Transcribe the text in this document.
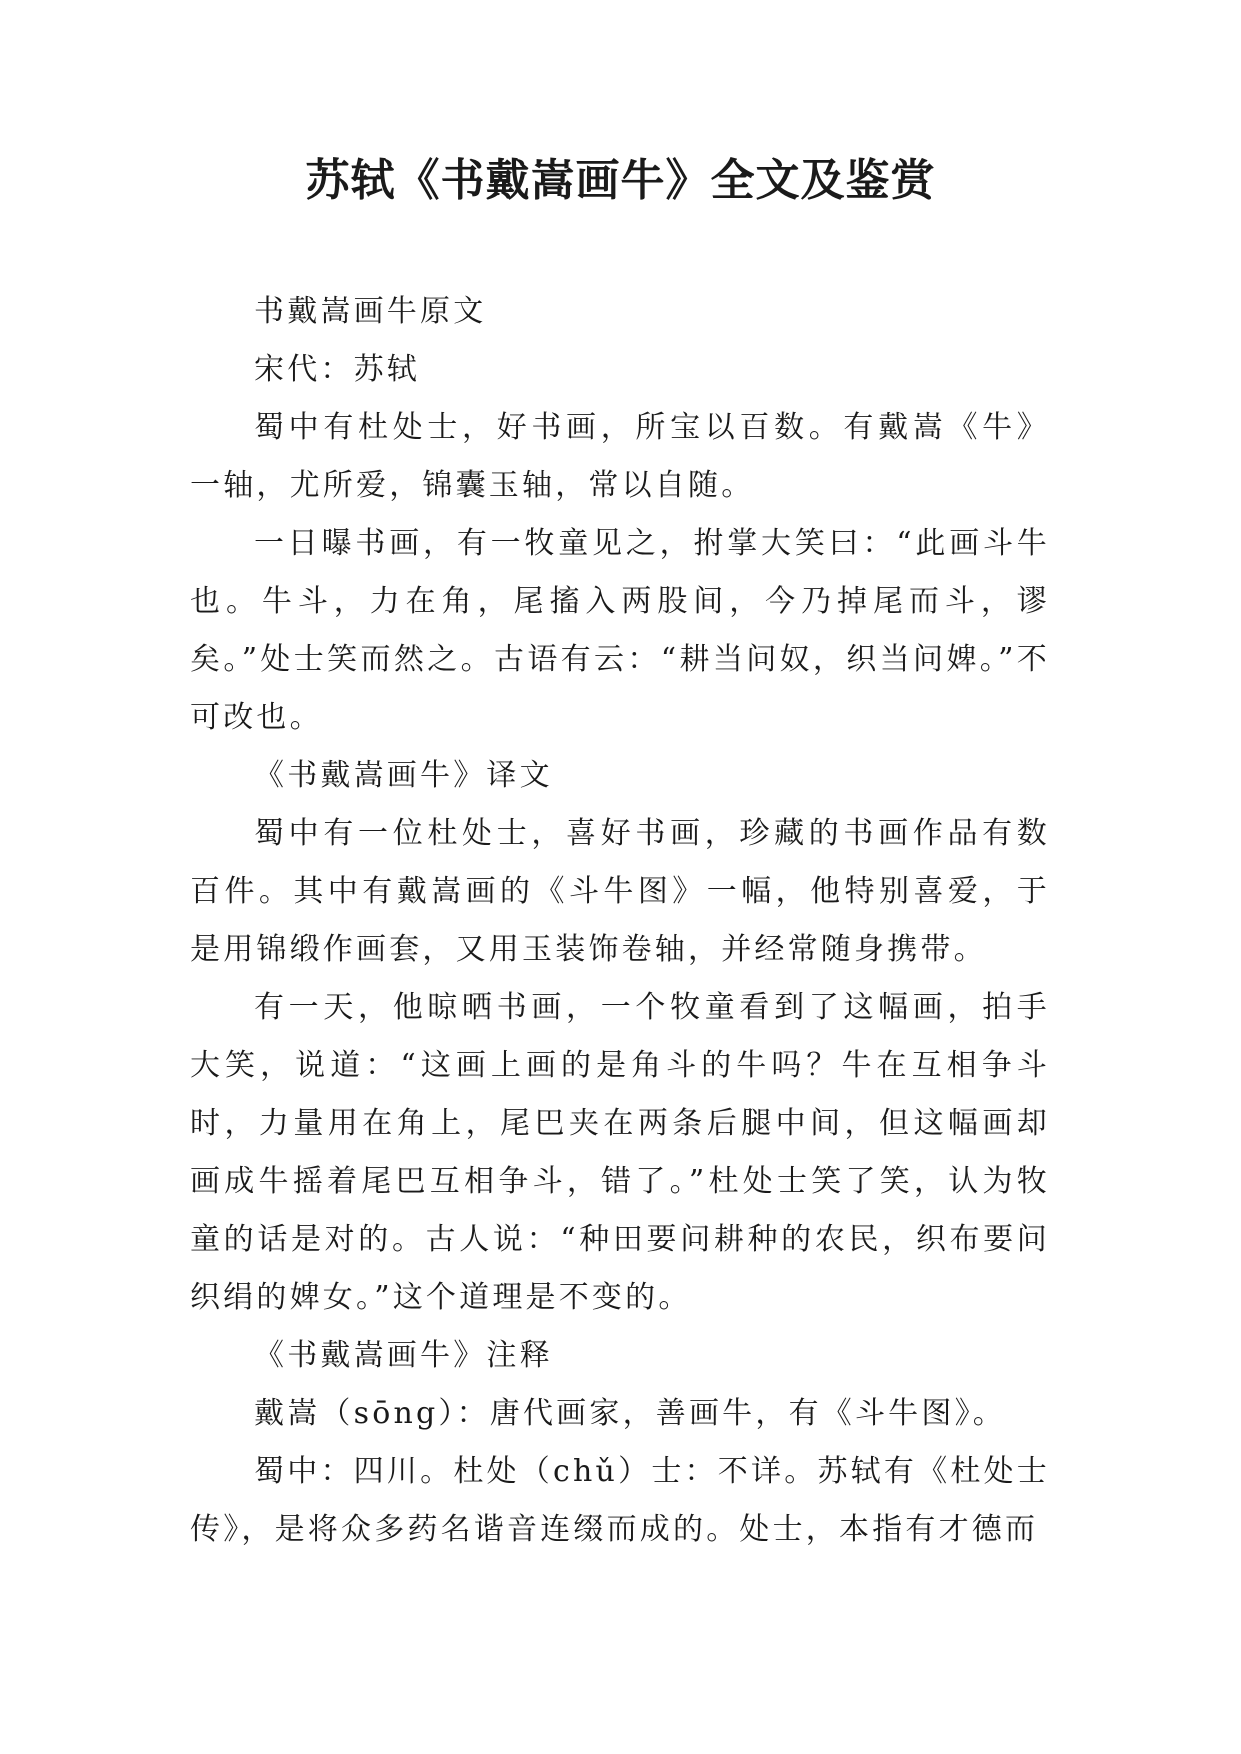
苏轼《书戴嵩画牛》全文及鉴赏

书戴嵩画牛原文

宋代：苏轼

蜀中有杜处士，好书画，所宝以百数。有戴嵩《牛》一轴，尤所爱，锦囊玉轴，常以自随。

一日曝书画，有一牧童见之，拊掌大笑曰：“此画斗牛也。牛斗，力在角，尾搐入两股间，今乃掉尾而斗，谬矣。”处士笑而然之。古语有云：“耕当问奴，织当问婢。”不可改也。

《书戴嵩画牛》译文

蜀中有一位杜处士，喜好书画，珍藏的书画作品有数百件。其中有戴嵩画的《斗牛图》一幅，他特别喜爱，于是用锦缎作画套，又用玉装饰卷轴，并经常随身携带。

有一天，他晾晒书画，一个牧童看到了这幅画，拍手大笑，说道：“这画上画的是角斗的牛吗？牛在互相争斗时，力量用在角上，尾巴夹在两条后腿中间，但这幅画却画成牛摇着尾巴互相争斗，错了。”杜处士笑了笑，认为牧童的话是对的。古人说：“种田要问耕种的农民，织布要问织绢的婢女。”这个道理是不变的。

《书戴嵩画牛》注释

戴嵩（sōng）：唐代画家，善画牛，有《斗牛图》。

蜀中：四川。杜处（chǔ）士：不详。苏轼有《杜处士传》，是将众多药名谐音连缀而成的。处士，本指有才德而
